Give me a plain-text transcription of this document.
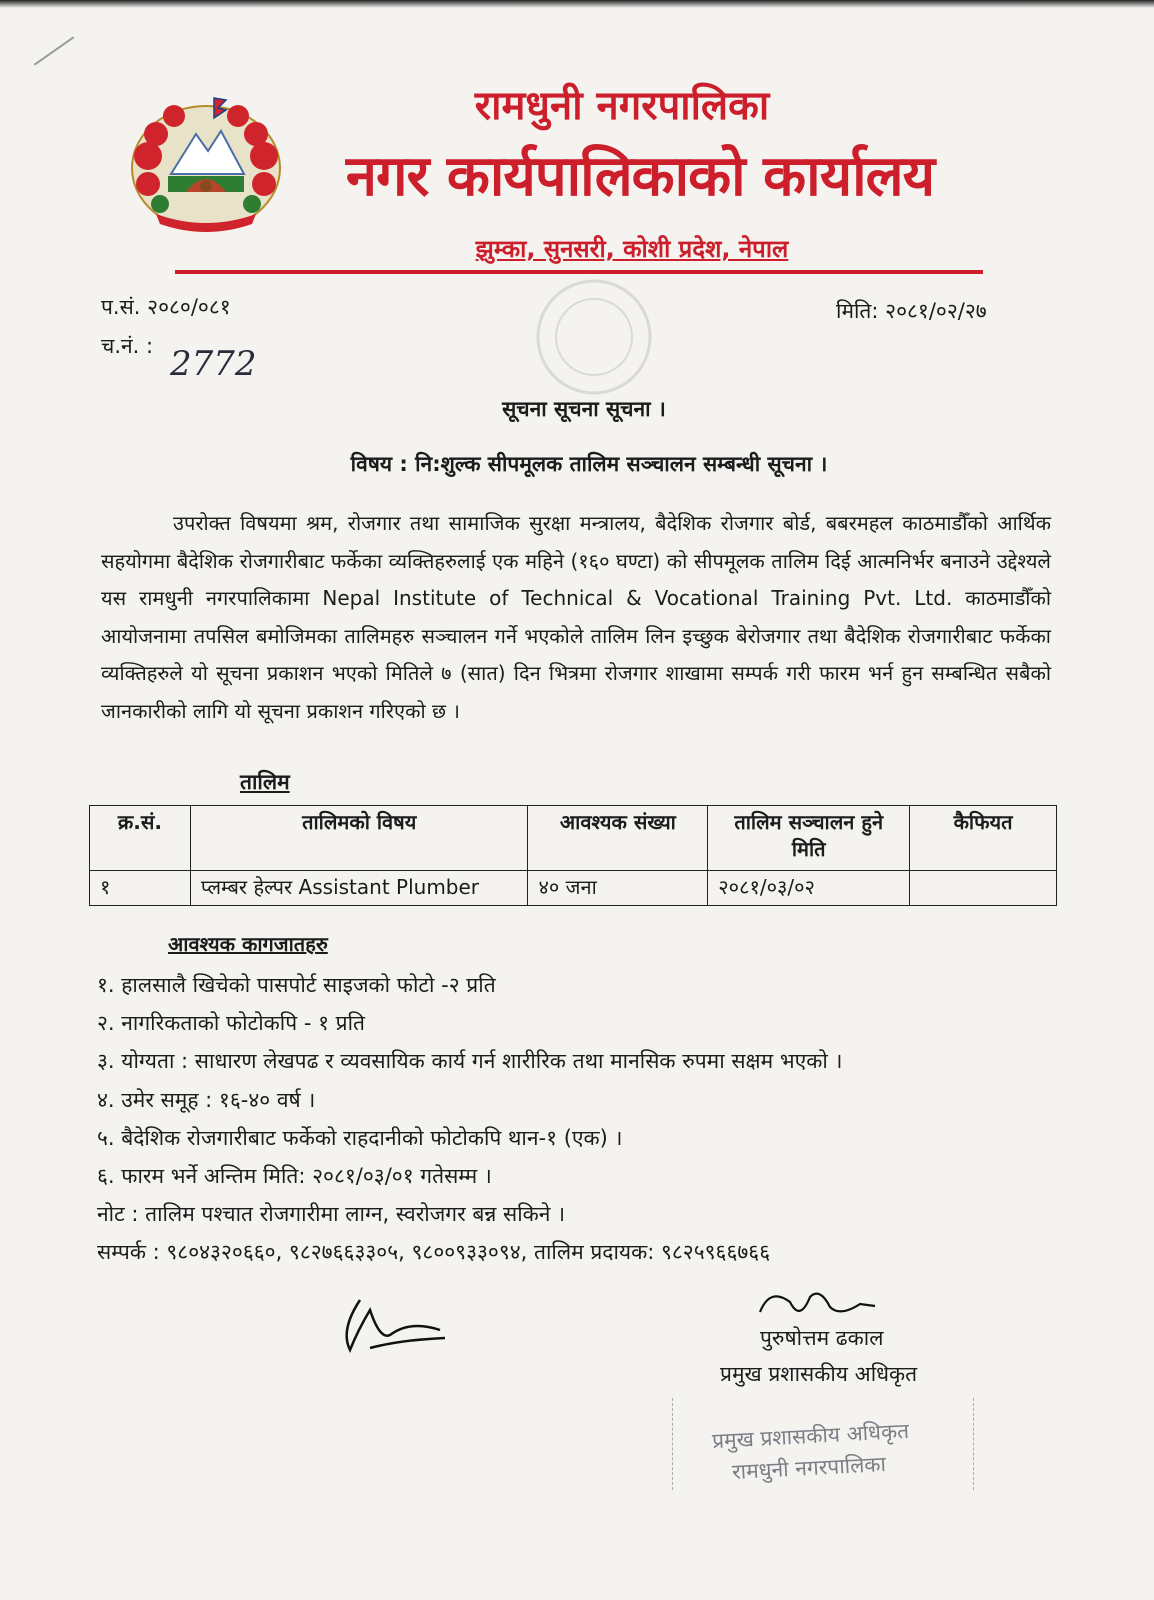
रामधुनी नगरपालिका
नगर कार्यपालिकाको कार्यालय
झुम्का, सुनसरी, कोशी प्रदेश, नेपाल
प.सं. २०८०/०८१
च.नं. : 2772
मिति: २०८१/०२/२७
सूचना सूचना सूचना ।
विषय : नि:शुल्क सीपमूलक तालिम सञ्चालन सम्बन्धी सूचना ।
उपरोक्त विषयमा श्रम, रोजगार तथा सामाजिक सुरक्षा मन्त्रालय, बैदेशिक रोजगार बोर्ड, बबरमहल काठमाडौँको आर्थिक सहयोगमा बैदेशिक रोजगारीबाट फर्केका व्यक्तिहरुलाई एक महिने (१६० घण्टा) को सीपमूलक तालिम दिई आत्मनिर्भर बनाउने उद्देश्यले यस रामधुनी नगरपालिकामा Nepal Institute of Technical & Vocational Training Pvt. Ltd. काठमाडौँको आयोजनामा तपसिल बमोजिमका तालिमहरु सञ्चालन गर्ने भएकोले तालिम लिन इच्छुक बेरोजगार तथा बैदेशिक रोजगारीबाट फर्केका व्यक्तिहरुले यो सूचना प्रकाशन भएको मितिले ७ (सात) दिन भित्रमा रोजगार शाखामा सम्पर्क गरी फारम भर्न हुन सम्बन्धित सबैको जानकारीको लागि यो सूचना प्रकाशन गरिएको छ ।
तालिम
क्र.सं.	तालिमको विषय	आवश्यक संख्या	तालिम सञ्चालन हुने मिति	कैफियत
१	प्लम्बर हेल्पर Assistant Plumber	४० जना	२०८१/०३/०२	
आवश्यक कागजातहरु
१. हालसालै खिचेको पासपोर्ट साइजको फोटो -२ प्रति
२. नागरिकताको फोटोकपि - १ प्रति
३. योग्यता : साधारण लेखपढ र व्यवसायिक कार्य गर्न शारीरिक तथा मानसिक रुपमा सक्षम भएको ।
४. उमेर समूह : १६-४० वर्ष ।
५. बैदेशिक रोजगारीबाट फर्केको राहदानीको फोटोकपि थान-१ (एक) ।
६. फारम भर्ने अन्तिम मिति: २०८१/०३/०१ गतेसम्म ।
नोट : तालिम पश्चात रोजगारीमा लाग्न, स्वरोजगर बन्न सकिने ।
सम्पर्क : ९८०४३२०६६०, ९८२७६६३३०५, ९८००९३३०९४, तालिम प्रदायक: ९८२५९६६७६६
पुरुषोत्तम ढकाल
प्रमुख प्रशासकीय अधिकृत
प्रमुख प्रशासकीय अधिकृत
रामधुनी नगरपालिका
